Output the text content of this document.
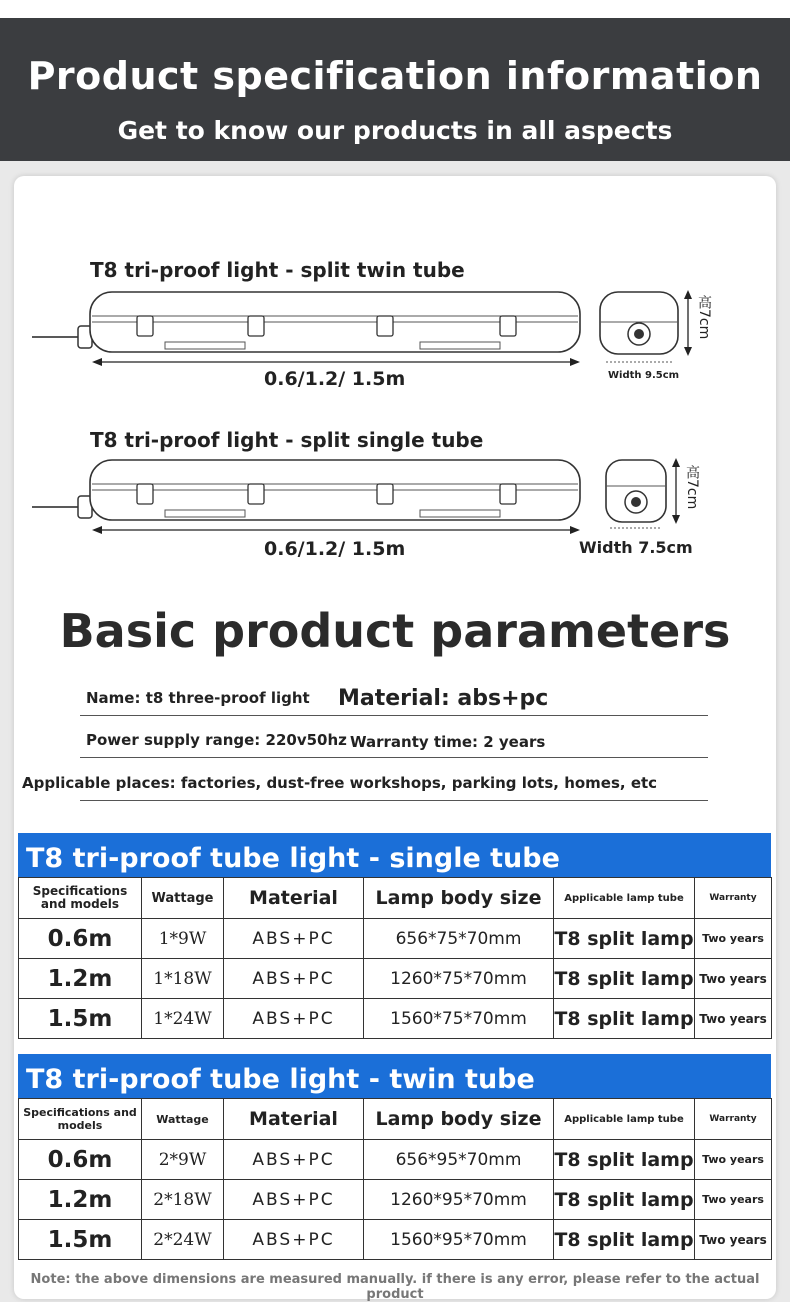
Product specification information
Get to know our products in all aspects
T8 tri-proof light - split twin tube
0.6/1.2/ 1.5m
高7cm
Width 9.5cm
T8 tri-proof light - split single tube
0.6/1.2/ 1.5m
高7cm
Width 7.5cm
Basic product parameters
Name: t8 three-proof light Material: abs+pc
Power supply range: 220v50hz Warranty time: 2 years
Applicable places: factories, dust-free workshops, parking lots, homes, etc
T8 tri-proof tube light - single tube
Specifications and models	Wattage	Material	Lamp body size	Applicable lamp tube	Warranty
0.6m	1*9W	ABS+PC	656*75*70mm	T8 split lamp	Two years
1.2m	1*18W	ABS+PC	1260*75*70mm	T8 split lamp	Two years
1.5m	1*24W	ABS+PC	1560*75*70mm	T8 split lamp	Two years
T8 tri-proof tube light - twin tube
Specifications and models	Wattage	Material	Lamp body size	Applicable lamp tube	Warranty
0.6m	2*9W	ABS+PC	656*95*70mm	T8 split lamp	Two years
1.2m	2*18W	ABS+PC	1260*95*70mm	T8 split lamp	Two years
1.5m	2*24W	ABS+PC	1560*95*70mm	T8 split lamp	Two years
Note: the above dimensions are measured manually. if there is any error, please refer to the actual product
